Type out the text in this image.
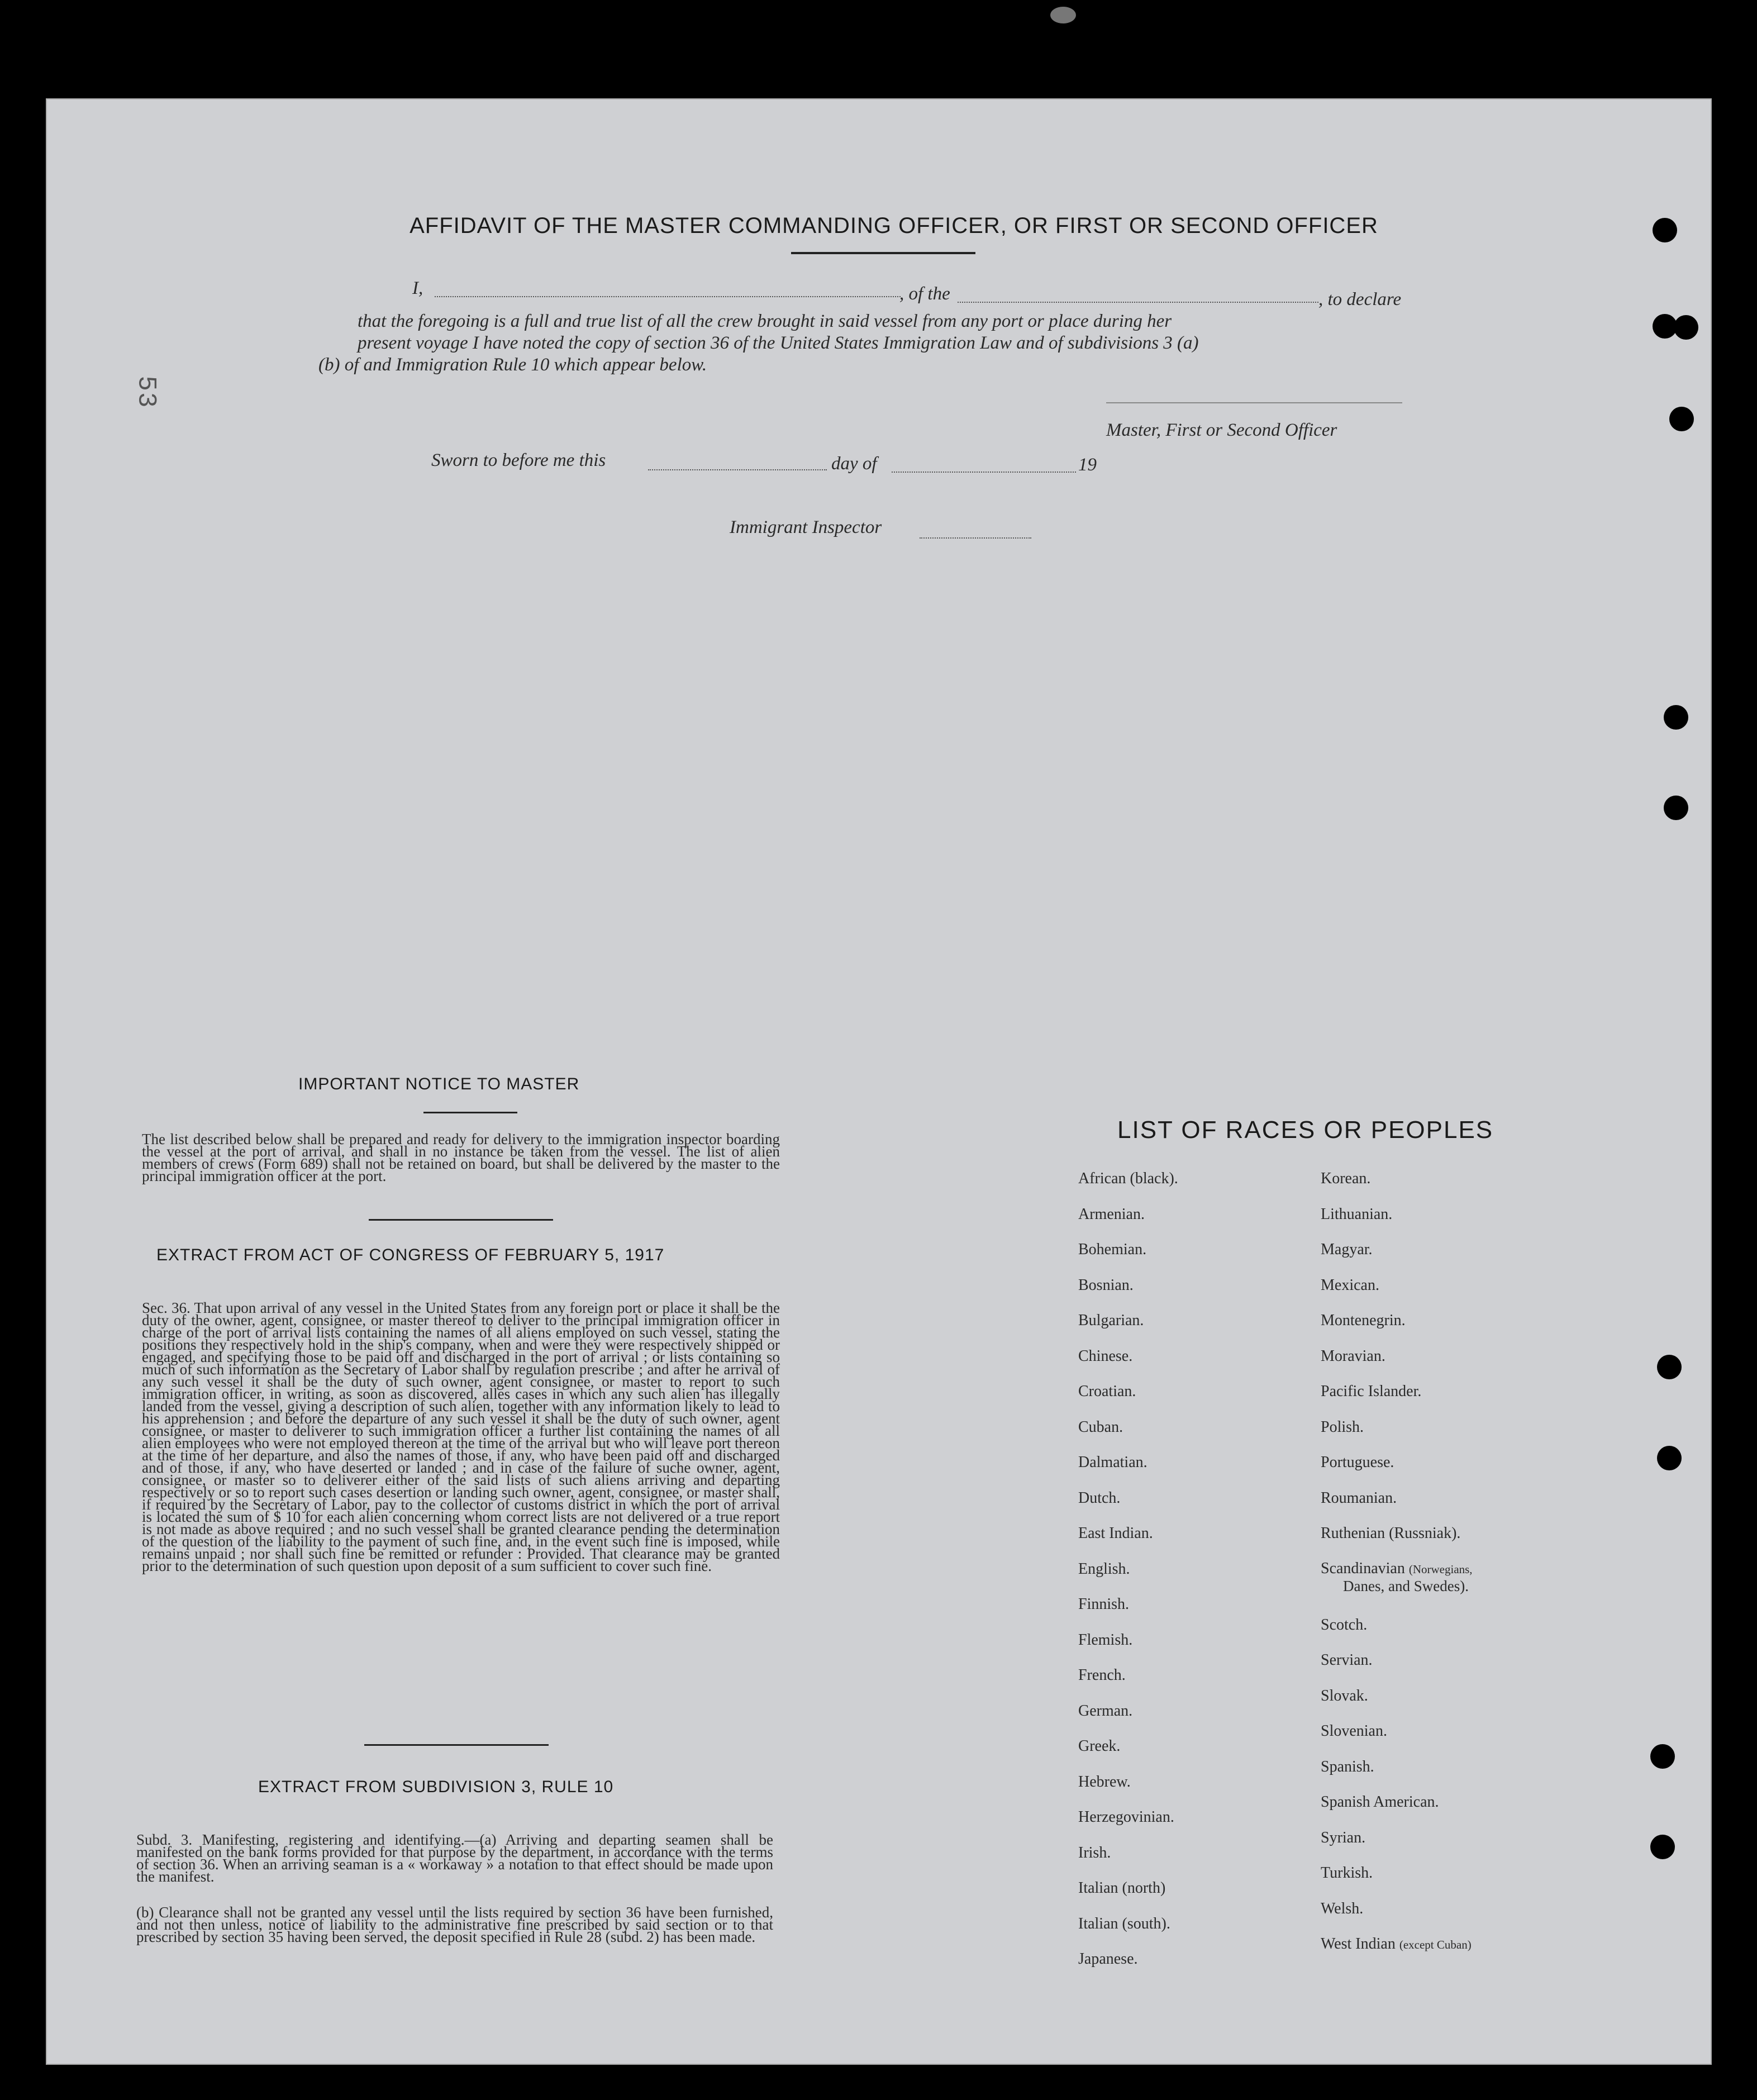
53
AFFIDAVIT OF THE MASTER COMMANDING OFFICER, OR FIRST OR SECOND OFFICER
I,	, of the	, to declare
that the foregoing is a full and true list of all the crew brought in said vessel from any port or place during her
present voyage I have noted the copy of section 36 of the United States Immigration Law and of subdivisions 3 (a)
(b) of and Immigration Rule 10 which appear below.
Master, First or Second Officer
Sworn to before me this	day of	19
Immigrant Inspector
IMPORTANT NOTICE TO MASTER
The list described below shall be prepared and ready for delivery to the immigration inspector boarding the vessel at the port of arrival, and shall in no instance be taken from the vessel. The list of alien members of crews (Form 689) shall not be retained on board, but shall be delivered by the master to the principal immigration officer at the port.
EXTRACT FROM ACT OF CONGRESS OF FEBRUARY 5, 1917
Sec. 36. That upon arrival of any vessel in the United States from any foreign port or place it shall be the duty of the owner, agent, consignee, or master thereof to deliver to the principal immigration officer in charge of the port of arrival lists containing the names of all aliens employed on such vessel, stating the positions they respectively hold in the ship's company, when and were they were respectively shipped or engaged, and specifying those to be paid off and discharged in the port of arrival ; or lists containing so much of such information as the Secretary of Labor shall by regulation prescribe ; and after he arrival of any such vessel it shall be the duty of such owner, agent consignee, or master to report to such immigration officer, in writing, as soon as discovered, alles cases in which any such alien has illegally landed from the vessel, giving a description of such alien, together with any information likely to lead to his apprehension ; and before the departure of any such vessel it shall be the duty of such owner, agent consignee, or master to deliverer to such immigration officer a further list containing the names of all alien employees who were not employed thereon at the time of the arrival but who will leave port thereon at the time of her departure, and also the names of those, if any, who have been paid off and discharged and of those, if any, who have deserted or landed ; and in case of the failure of suche owner, agent, consignee, or master so to deliverer either of the said lists of such aliens arriving and departing respectively or so to report such cases desertion or landing such owner, agent, consignee, or master shall, if required by the Secretary of Labor, pay to the collector of customs district in which the port of arrival is located the sum of $ 10 for each alien concerning whom correct lists are not delivered or a true report is not made as above required ; and no such vessel shall be granted clearance pending the determination of the question of the liability to the payment of such fine, and, in the event such fine is imposed, while remains unpaid ; nor shall such fine be remitted or refunder : Provided. That clearance may be granted prior to the determination of such question upon deposit of a sum sufficient to cover such fine.
EXTRACT FROM SUBDIVISION 3, RULE 10
Subd. 3. Manifesting, registering and identifying.—(a) Arriving and departing seamen shall be manifested on the bank forms provided for that purpose by the department, in accordance with the terms of section 36. When an arriving seaman is a « workaway » a notation to that effect should be made upon the manifest.
(b) Clearance shall not be granted any vessel until the lists required by section 36 have been furnished, and not then unless, notice of liability to the administrative fine prescribed by said section or to that prescribed by section 35 having been served, the deposit specified in Rule 28 (subd. 2) has been made.
LIST OF RACES OR PEOPLES
African (black).
Armenian.
Bohemian.
Bosnian.
Bulgarian.
Chinese.
Croatian.
Cuban.
Dalmatian.
Dutch.
East Indian.
English.
Finnish.
Flemish.
French.
German.
Greek.
Hebrew.
Herzegovinian.
Irish.
Italian (north)
Italian (south).
Japanese.
Korean.
Lithuanian.
Magyar.
Mexican.
Montenegrin.
Moravian.
Pacific Islander.
Polish.
Portuguese.
Roumanian.
Ruthenian (Russniak).
Scandinavian (Norwegians,
Danes, and Swedes).
Scotch.
Servian.
Slovak.
Slovenian.
Spanish.
Spanish American.
Syrian.
Turkish.
Welsh.
West Indian (except Cuban)
